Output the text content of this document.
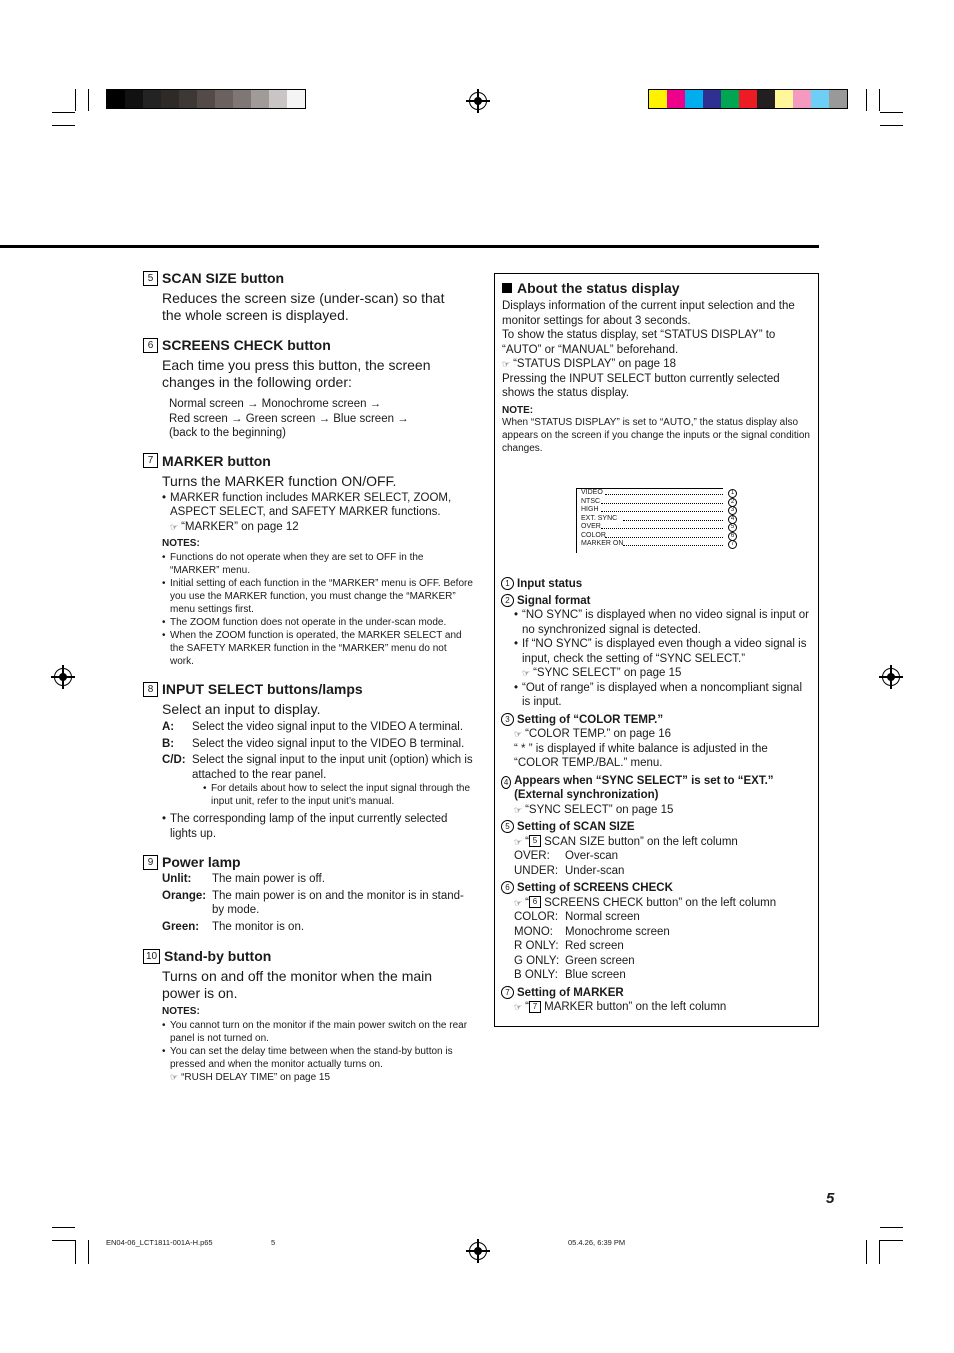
5 SCAN SIZE button
Reduces the screen size (under-scan) so that the whole screen is displayed.
6 SCREENS CHECK button
Each time you press this button, the screen changes in the following order:
Normal screen → Monochrome screen →
Red screen → Green screen → Blue screen →
(back to the beginning)
7 MARKER button
Turns the MARKER function ON/OFF.
• MARKER function includes MARKER SELECT, ZOOM, ASPECT SELECT, and SAFETY MARKER functions.
☞ “MARKER” on page 12
NOTES:
• Functions do not operate when they are set to OFF in the “MARKER” menu.
• Initial setting of each function in the “MARKER” menu is OFF. Before you use the MARKER function, you must change the “MARKER” menu settings first.
• The ZOOM function does not operate in the under-scan mode.
• When the ZOOM function is operated, the MARKER SELECT and the SAFETY MARKER function in the “MARKER” menu do not work.
8 INPUT SELECT buttons/lamps
Select an input to display.
A:	Select the video signal input to the VIDEO A terminal.
B:	Select the video signal input to the VIDEO B terminal.
C/D: Select the signal input to the input unit (option) which is attached to the rear panel.
• For details about how to select the input signal through the input unit, refer to the input unit’s manual.
• The corresponding lamp of the input currently selected lights up.
9 Power lamp
Unlit:	The main power is off.
Orange: The main power is on and the monitor is in stand-by mode.
Green:	The monitor is on.
10 Stand-by button
Turns on and off the monitor when the main power is on.
NOTES:
• You cannot turn on the monitor if the main power switch on the rear panel is not turned on.
• You can set the delay time between when the stand-by button is pressed and when the monitor actually turns on.
☞ “RUSH DELAY TIME” on page 15
About the status display
Displays information of the current input selection and the monitor settings for about 3 seconds.
To show the status display, set “STATUS DISPLAY” to “AUTO” or “MANUAL” beforehand.
☞ “STATUS DISPLAY” on page 18
Pressing the INPUT SELECT button currently selected shows the status display.
NOTE:
When “STATUS DISPLAY” is set to “AUTO,” the status display also appears on the screen if you change the inputs or the signal condition changes.
VIDEO	1
NTSC	2
HIGH	3
EXT. SYNC	4
OVER	5
COLOR	6
MARKER ON	7
1 Input status
2 Signal format
• “NO SYNC” is displayed when no video signal is input or no synchronized signal is detected.
• If “NO SYNC” is displayed even though a video signal is input, check the setting of “SYNC SELECT.”
☞ “SYNC SELECT” on page 15
• “Out of range” is displayed when a noncompliant signal is input.
3 Setting of “COLOR TEMP.”
☞ “COLOR TEMP.” on page 16
“ * ” is displayed if white balance is adjusted in the “COLOR TEMP./BAL.” menu.
4 Appears when “SYNC SELECT” is set to “EXT.” (External synchronization)
☞ “SYNC SELECT” on page 15
5 Setting of SCAN SIZE
☞ “ 5 SCAN SIZE button” on the left column
OVER:	Over-scan
UNDER: Under-scan
6 Setting of SCREENS CHECK
☞ “ 6 SCREENS CHECK button” on the left column
COLOR: Normal screen
MONO:	Monochrome screen
R ONLY: Red screen
G ONLY: Green screen
B ONLY: Blue screen
7 Setting of MARKER
☞ “ 7 MARKER button” on the left column
5
EN04-06_LCT1811-001A-H.p65	5	05.4.26, 6:39 PM
